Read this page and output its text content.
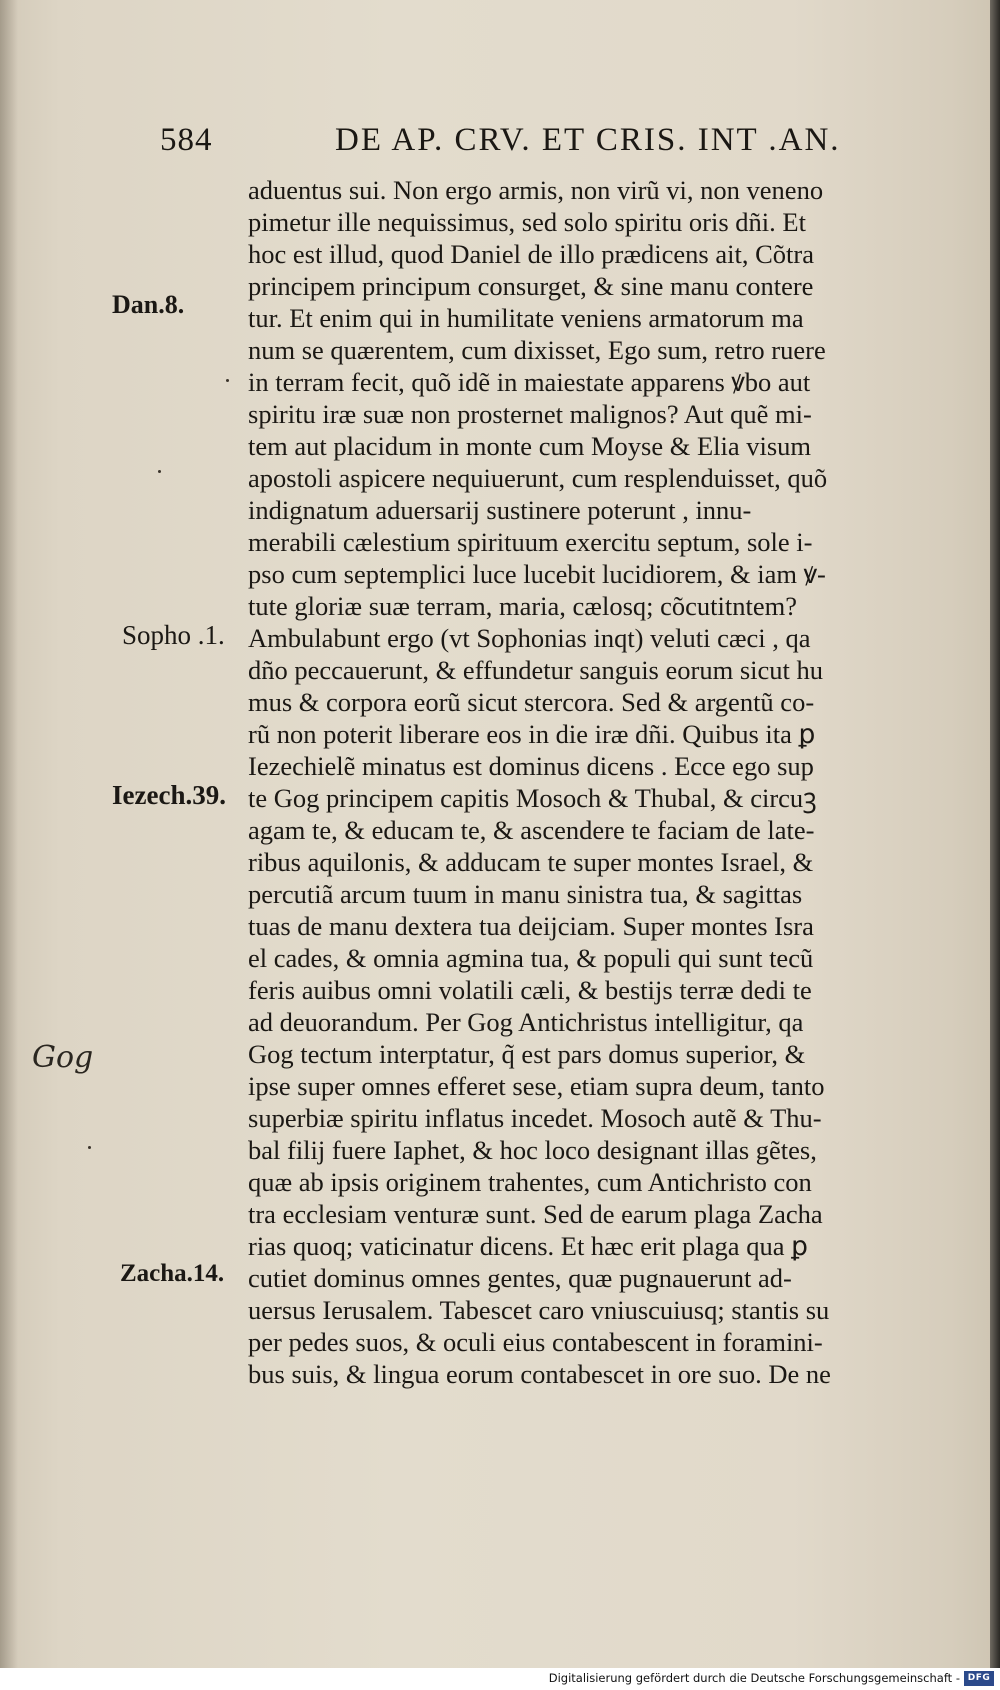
584	DE AP. CRV. ET CRIS. INT .AN.
Dan.8.
Sopho .1.
Iezech.39.
Gog
Zacha.14.
aduentus sui. Non ergo armis, non virũ vi, non veneno
pimetur ille nequissimus, sed solo spiritu oris dñi. Et
hoc est illud, quod Daniel de illo prædicens ait, Cõtra
principem principum consurget, & sine manu contere
tur. Et enim qui in humilitate veniens armatorum ma
num se quærentem, cum dixisset, Ego sum, retro ruere
in terram fecit, quõ idẽ in maiestate apparens ꝟbo aut
spiritu iræ suæ non prosternet malignos? Aut quẽ mi-
tem aut placidum in monte cum Moyse & Elia visum
apostoli aspicere nequiuerunt, cum resplenduisset, quõ
indignatum aduersarij sustinere poterunt , innu-
merabili cælestium spirituum exercitu septum, sole i-
pso cum septemplici luce lucebit lucidiorem, & iam ꝟ-
tute gloriæ suæ terram, maria, cælosq; cõcutitntem?
Ambulabunt ergo (vt Sophonias inqt) veluti cæci , qa
dño peccauerunt, & effundetur sanguis eorum sicut hu
mus & corpora eorũ sicut stercora. Sed & argentũ co-
rũ non poterit liberare eos in die iræ dñi. Quibus ita ꝑ
Iezechielẽ minatus est dominus dicens . Ecce ego sup
te Gog principem capitis Mosoch & Thubal, & circuꝫ
agam te, & educam te, & ascendere te faciam de late-
ribus aquilonis, & adducam te super montes Israel, &
percutiã arcum tuum in manu sinistra tua, & sagittas
tuas de manu dextera tua deijciam. Super montes Isra
el cades, & omnia agmina tua, & populi qui sunt tecũ
feris auibus omni volatili cæli, & bestijs terræ dedi te
ad deuorandum. Per Gog Antichristus intelligitur, qa
Gog tectum interptatur, q̃ est pars domus superior, &
ipse super omnes efferet sese, etiam supra deum, tanto
superbiæ spiritu inflatus incedet. Mosoch autẽ & Thu-
bal filij fuere Iaphet, & hoc loco designant illas gẽtes,
quæ ab ipsis originem trahentes, cum Antichristo con
tra ecclesiam venturæ sunt. Sed de earum plaga Zacha
rias quoq; vaticinatur dicens. Et hæc erit plaga qua ꝑ
cutiet dominus omnes gentes, quæ pugnauerunt ad-
uersus Ierusalem. Tabescet caro vniuscuiusq; stantis su
per pedes suos, & oculi eius contabescent in foramini-
bus suis, & lingua eorum contabescet in ore suo. De ne
Digitalisierung gefördert durch die Deutsche Forschungsgemeinschaft - DFG
